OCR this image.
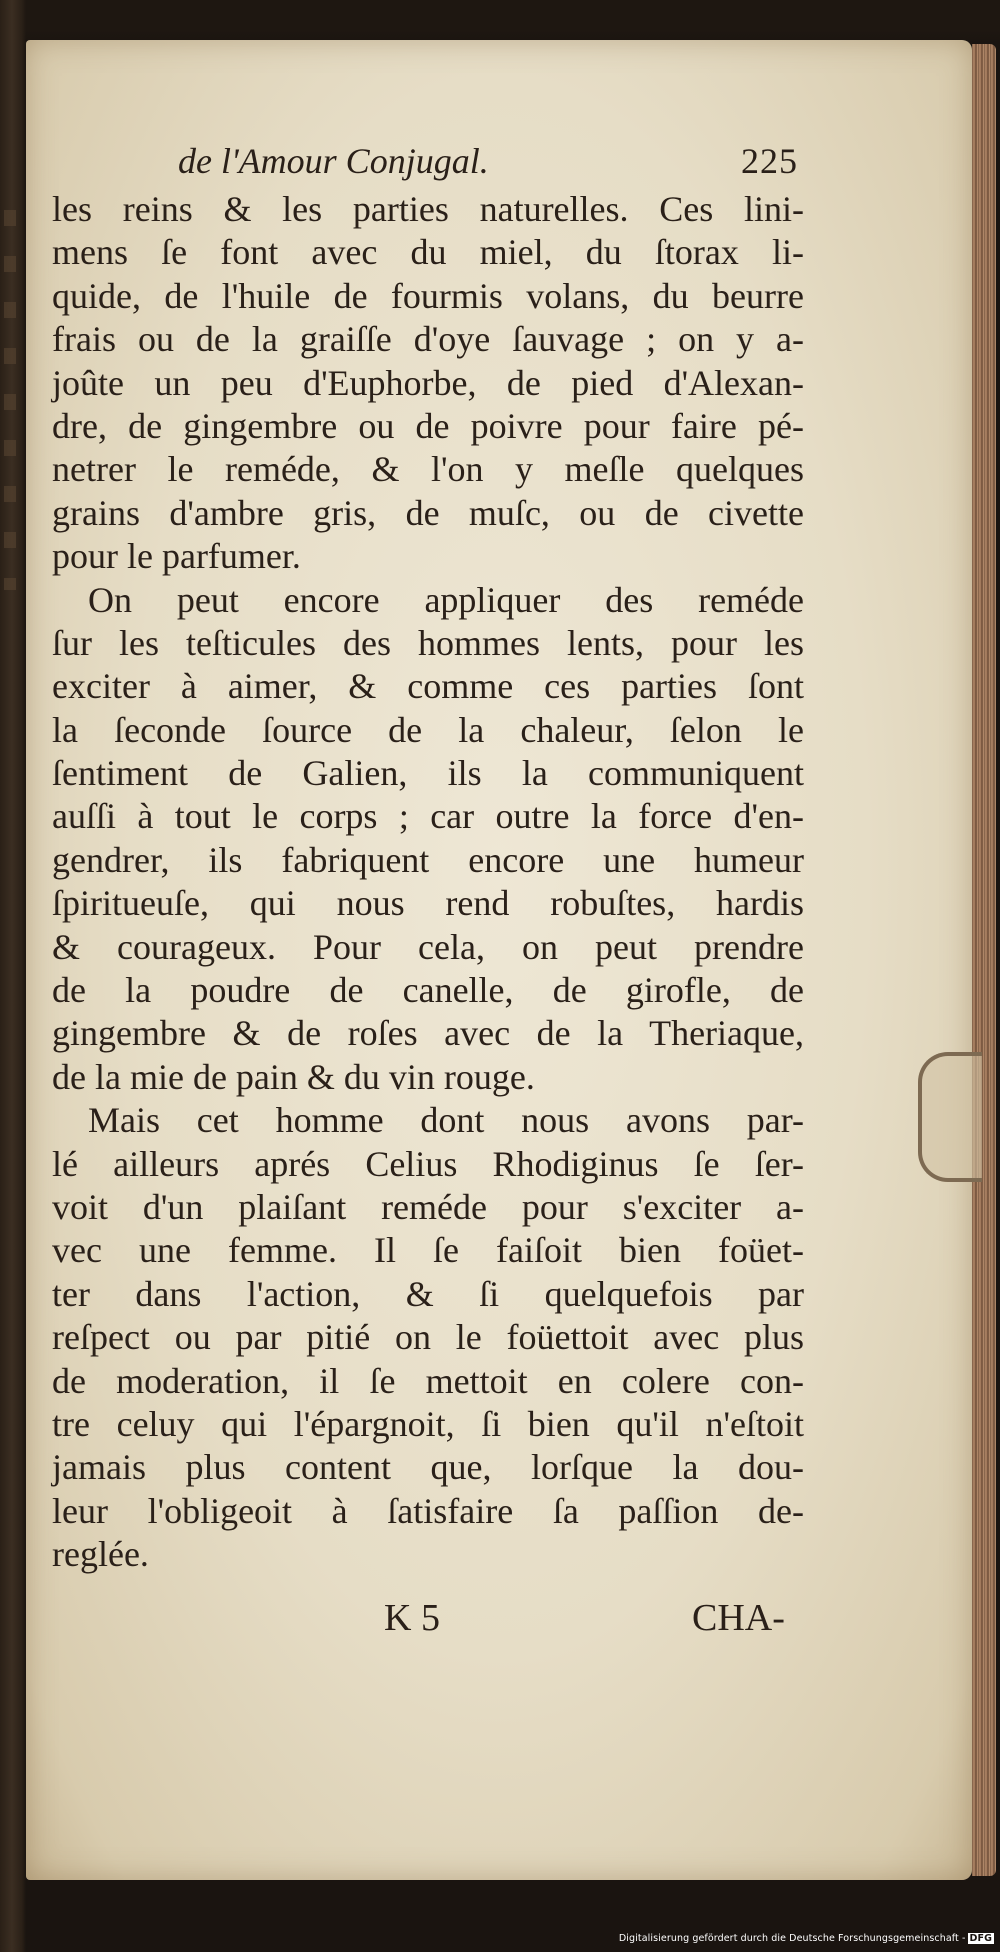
de l'Amour Conjugal.	225
les reins & les parties naturelles. Ces lini-
mens ſe font avec du miel, du ſtorax li-
quide, de l'huile de fourmis volans, du beurre
frais ou de la graiſſe d'oye ſauvage ; on y a-
joûte un peu d'Euphorbe, de pied d'Alexan-
dre, de gingembre ou de poivre pour faire pé-
netrer le reméde, & l'on y meſle quelques
grains d'ambre gris, de muſc, ou de civette
pour le parfumer.
On peut encore appliquer des reméde
ſur les teſticules des hommes lents, pour les
exciter à aimer, & comme ces parties ſont
la ſeconde ſource de la chaleur, ſelon le
ſentiment de Galien, ils la communiquent
auſſi à tout le corps ; car outre la force d'en-
gendrer, ils fabriquent encore une humeur
ſpiritueuſe, qui nous rend robuſtes, hardis
& courageux. Pour cela, on peut prendre
de la poudre de canelle, de girofle, de
gingembre & de roſes avec de la Theriaque,
de la mie de pain & du vin rouge.
Mais cet homme dont nous avons par-
lé ailleurs aprés Celius Rhodiginus ſe ſer-
voit d'un plaiſant reméde pour s'exciter a-
vec une femme. Il ſe faiſoit bien foüet-
ter dans l'action, & ſi quelquefois par
reſpect ou par pitié on le foüettoit avec plus
de moderation, il ſe mettoit en colere con-
tre celuy qui l'épargnoit, ſi bien qu'il n'eſtoit
jamais plus content que, lorſque la dou-
leur l'obligeoit à ſatisfaire ſa paſſion de-
reglée.
K 5	CHA-
Digitalisierung gefördert durch die Deutsche Forschungsgemeinschaft - DFG
